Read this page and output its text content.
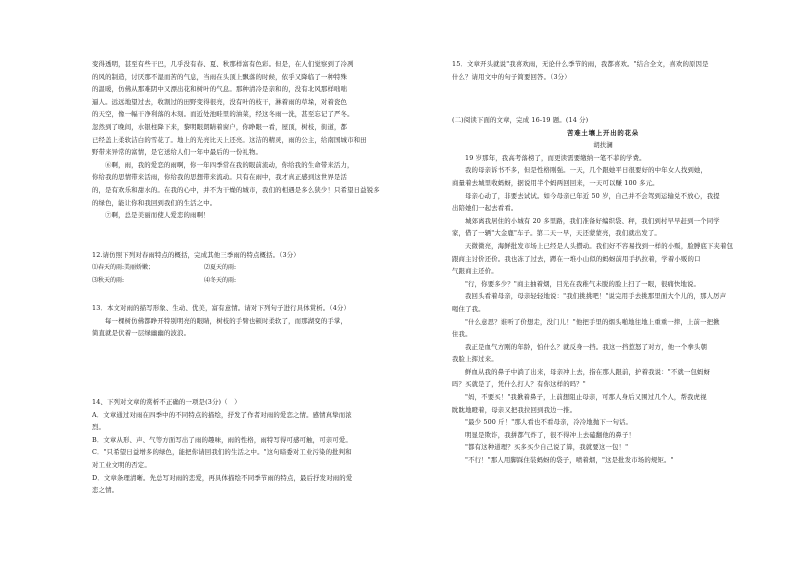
变得透明，甚至有些干巴，几乎没有春、夏、秋那样富有色彩。但是，在人们觉察到了冷冽

的风的制造，讨厌那不湿而苦的气息，当雨在头顶上飘落的时候，依乎又降临了一种特殊

的温暖，仿佛从那难阴中又漂出花和树叶的气息。那种清冷是亲和的，没有北风那样咄咄

逼人。远远地望过去，收割过的田野变得很亮，没有叶的枝干，淋着雨的草垛，对着瓷色

的天空，像一幅干净利落的木刻。而近处池畦里的油菜，经这冬雨一洗，甚至忘记了严冬。

忽然到了晚间，水银柱降下来，黎明眼朗睛着窗户，你睁眼一看，屋顶，树枝，街道，都

已经盖上柔软洁白的雪花了。地上的光亮比天上还亮。这洁的精灵，雨的公主，给南国城市和田

野带来异常的富情，是它送给人们一年中最后的一份礼物。

⑥啊，雨，我的爱恋的雨啊，你一年四季常在我的眼前流动，你给我的生命带来活力，

你给我的思情带来活雨，你给我的思想带来流动。只有在雨中，我才真正感到这世界是活

的，是有欢乐和甜水的。在我的心中，并不为干燥的城市，我们的相遇是多么狭少！只希望日益锐多

的绿色，能让你和我回到我们的生活之中。

⑦啊，总是美丽而使人爱恋的雨啊！

12.请仿照下列对春雨特点的概括，完成其他三季雨的特点概括。（3分）

⑴春天的雨:美丽娇嫩；	⑵夏天的雨:
⑶秋天的雨:	⑷冬天的雨:

13．本文对雨的描写形象、生动、优美，富有意情。请对下列句子进行具体赏析。（4分）

每一棵树仿佛都睁开特别明亮的眼睛，树枝的手臂也顿时柔软了，而那湖变的手掌，

简直就是伏着一层绿幽幽的波浪。

14、下列对文章的赏析不正确的一项是(3分)（　）

A．文章通过对雨在四季中的不同特点的描绘，抒发了作者对雨的爱恋之情。感情真挚而浓

烈。

B．文章从形、声、气等方面写出了雨的趣味，雨的性格，雨特写得可感可触，可亲可爱。

C．"只希望日益增多的绿色，能把你请回我们的生活之中。"这句暗委对工业污染的批判和

对工业文明的否定。

D．文章条理清晰。先总写对雨的恋爱，再具体描绘不同季节雨的特点，最后抒发对雨的爱

恋之情。

15．文章开头就说"我喜欢雨，无论什么季节的雨，我都喜欢。"结合全文，喜欢的原因是

什么？请用文中的句子简要回答。（3分）

(二)阅读下面的文章，完成 16-19 题。(14 分)

苦难土壤上开出的花朵

胡扶澜

19 岁那年，我高考落榜了，而更读需要缴纳一笔不菲的学费。

我的母亲诉书不多，但是性格刚强。一天，几个跟她平日很要好的中年女人找到她，

商量着去城里收蚂蚜，据说用半个蚂两回回来，一天可以赚 100 多元。

母亲心动了，非要去试试。如今母亲已年近 50 岁，自己并不会驾到运输兑不放心，我提

出陪她们一起去看看。

城郊离我居住的小城有 20 多里路，我们准备好编织袋、秤，我们到村早早赶到一个同学

家，借了一辆"大金鹿"车子。第二天一早，天还蒙蒙亮，我们就出发了。

天微微亮，海鲜批发市场上已经是人头攒动。我们好不容易找到一样的小贩，脸膊底下夹着包

跟商主讨价还价。我也冻了过去，蹲在一堆小山似的蚂蚜前用手扒拉着，学着小贩的口

气跟商主还价。

"行，你要多少？"商主抽着烟，目光在我稚气未脱的脸上扫了一眼，很痛快地说。

我回头看着母亲，母亲轻轻地说："我们挑挑吧！"说完用手去挑那里面大个儿的，那人厉声

喝住了我。

"什么意思？谁听了价想走，没门儿！"他把手里的烟头啪地往地上重重一摔，上前一把揪

住我。

我正是血气方刚的年龄，怕什么？就反身一挡。我这一挡惹怒了对方，他一个拳头朝

我脸上挥过来。

鲜血从我的鼻子中淌了出来，母亲冲上去，指在那人跟前，护着我说："不就一包蚂蚜

吗？买就是了，凭什么打人？有你这样的吗？"

"妈，不要买！"我揪着鼻子，上前想阻止母亲，可那人身后又围过几个人，帮我虎视

眈眈地瞪着，母亲又把我拉回到我边一推。

"最少 500 斤！"那人看也不看母亲，冷冷地抛下一句话。

明显是欺诈，我拼都气炸了，很不得冲上去磕翻他的鼻子！

"都有这种道理？买多买少自己说了算，我就要这一包！"

"不行！"那人用脚踩住装蚂蚜的袋子，喷着烟，"这是批发市场的规矩。"
